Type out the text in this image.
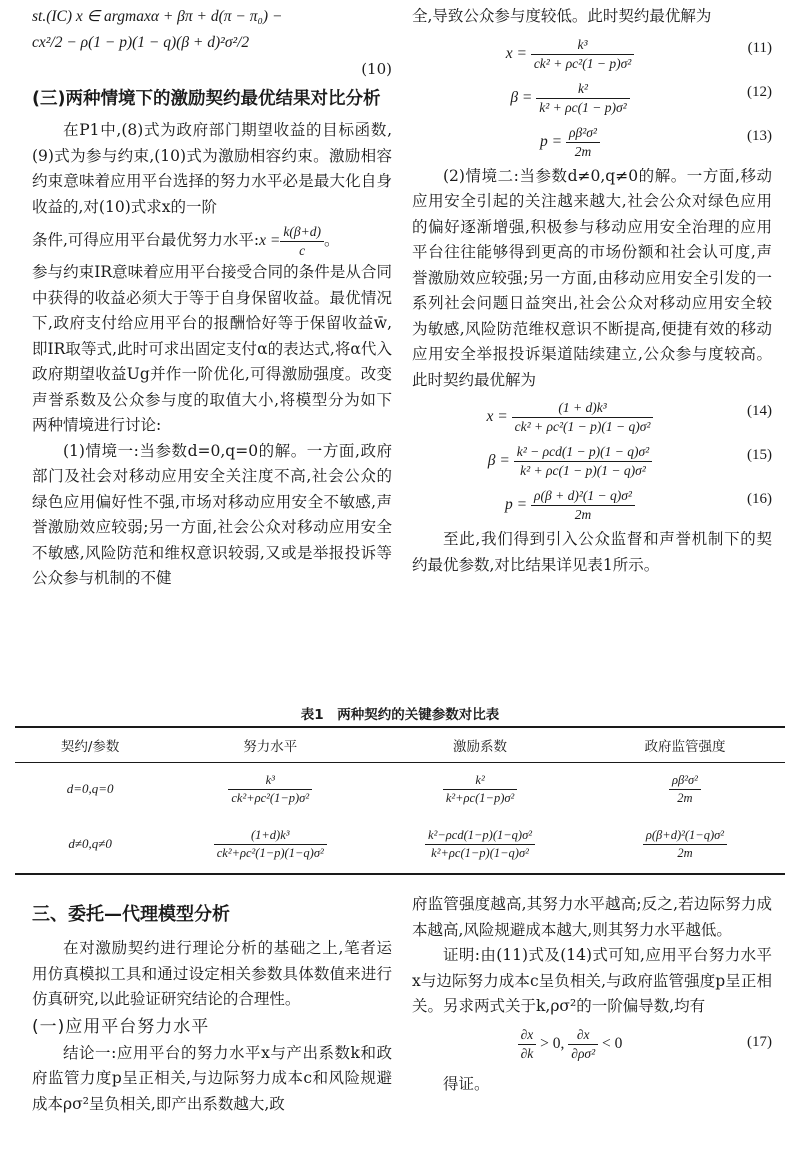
st.(IC) x ∈ argmaxα + βπ + d(π − π₀) −
cx²/2 − ρ(1 − p)(1 − q)(β + d)²σ²/2
(10)

(三)两种情境下的激励契约最优结果对比分析

在P1中,(8)式为政府部门期望收益的目标函数,(9)式为参与约束,(10)式为激励相容约束。激励相容约束意味着应用平台选择的努力水平必是最大化自身收益的,对(10)式求x的一阶

条件,可得应用平台最优努力水平:x = $\frac{k(\beta+d)}{c}$ 。

参与约束IR意味着应用平台接受合同的条件是从合同中获得的收益必须大于等于自身保留收益。最优情况下,政府支付给应用平台的报酬恰好等于保留收益w̄,即IR取等式,此时可求出固定支付α的表达式,将α代入政府期望收益Ug并作一阶优化,可得激励强度。改变声誉系数及公众参与度的取值大小,将模型分为如下两种情境进行讨论:

(1)情境一:当参数d=0,q=0的解。一方面,政府部门及社会对移动应用安全关注度不高,社会公众的绿色应用偏好性不强,市场对移动应用安全不敏感,声誉激励效应较弱;另一方面,社会公众对移动应用安全不敏感,风险防范和维权意识较弱,又或是举报投诉等公众参与机制的不健

全,导致公众参与度较低。此时契约最优解为

$x = \frac{\text{k³}}{\text{ck² + ρc²(1 − p)σ²}}$	(11)
$\beta = \frac{\text{k²}}{\text{k² + ρc(1 − p)σ²}}$	(12)
$p = \frac{\text{ρβ²σ²}}{2m}$	(13)

(2)情境二:当参数d≠0,q≠0的解。一方面,移动应用安全引起的关注越来越大,社会公众对绿色应用的偏好逐渐增强,积极参与移动应用安全治理的应用平台往往能够得到更高的市场份额和社会认可度,声誉激励效应较强;另一方面,由移动应用安全引发的一系列社会问题日益突出,社会公众对移动应用安全较为敏感,风险防范维权意识不断提高,便捷有效的移动应用安全举报投诉渠道陆续建立,公众参与度较高。此时契约最优解为

$x = \frac{\text{(1 + d)k³}}{\text{ck² + ρc²(1 − p)(1 − q)σ²}}$	(14)
$\beta = \frac{\text{k² − ρcd(1 − p)(1 − q)σ²}}{\text{k² + ρc(1 − p)(1 − q)σ²}}$	(15)
$p = \frac{\text{ρ(β + d)²(1 − q)σ²}}{2m}$	(16)

至此,我们得到引入公众监督和声誉机制下的契约最优参数,对比结果详见表1所示。

表1　两种契约的关键参数对比表
契约/参数	努力水平	激励系数	政府监管强度
d=0,q=0	$\frac{\text{k³}}{\text{ck²+ρc²(1−p)σ²}}$	$\frac{\text{k²}}{\text{k²+ρc(1−p)σ²}}$	$\frac{\text{ρβ²σ²}}{2m}$

d≠0,q≠0	$\frac{\text{(1+d)k³}}{\text{ck²+ρc²(1−p)(1−q)σ²}}$	$\frac{\text{k²−ρcd(1−p)(1−q)σ²}}{\text{k²+ρc(1−p)(1−q)σ²}}$	$\frac{\text{ρ(β+d)²(1−q)σ²}}{2m}$

三、委托—代理模型分析

在对激励契约进行理论分析的基础之上,笔者运用仿真模拟工具和通过设定相关参数具体数值来进行仿真研究,以此验证研究结论的合理性。

(一)应用平台努力水平

结论一:应用平台的努力水平x与产出系数k和政府监管力度p呈正相关,与边际努力成本c和风险规避成本ρσ²呈负相关,即产出系数越大,政

府监管强度越高,其努力水平越高;反之,若边际努力成本越高,风险规避成本越大,则其努力水平越低。

证明:由(11)式及(14)式可知,应用平台努力水平x与边际努力成本c呈负相关,与政府监管强度p呈正相关。另求两式关于k,ρσ²的一阶偏导数,均有

$\frac{\partial x}{\partial k} > 0$, $\frac{\partial x}{\text{∂ρσ²}} < 0$	(17)

得证。
